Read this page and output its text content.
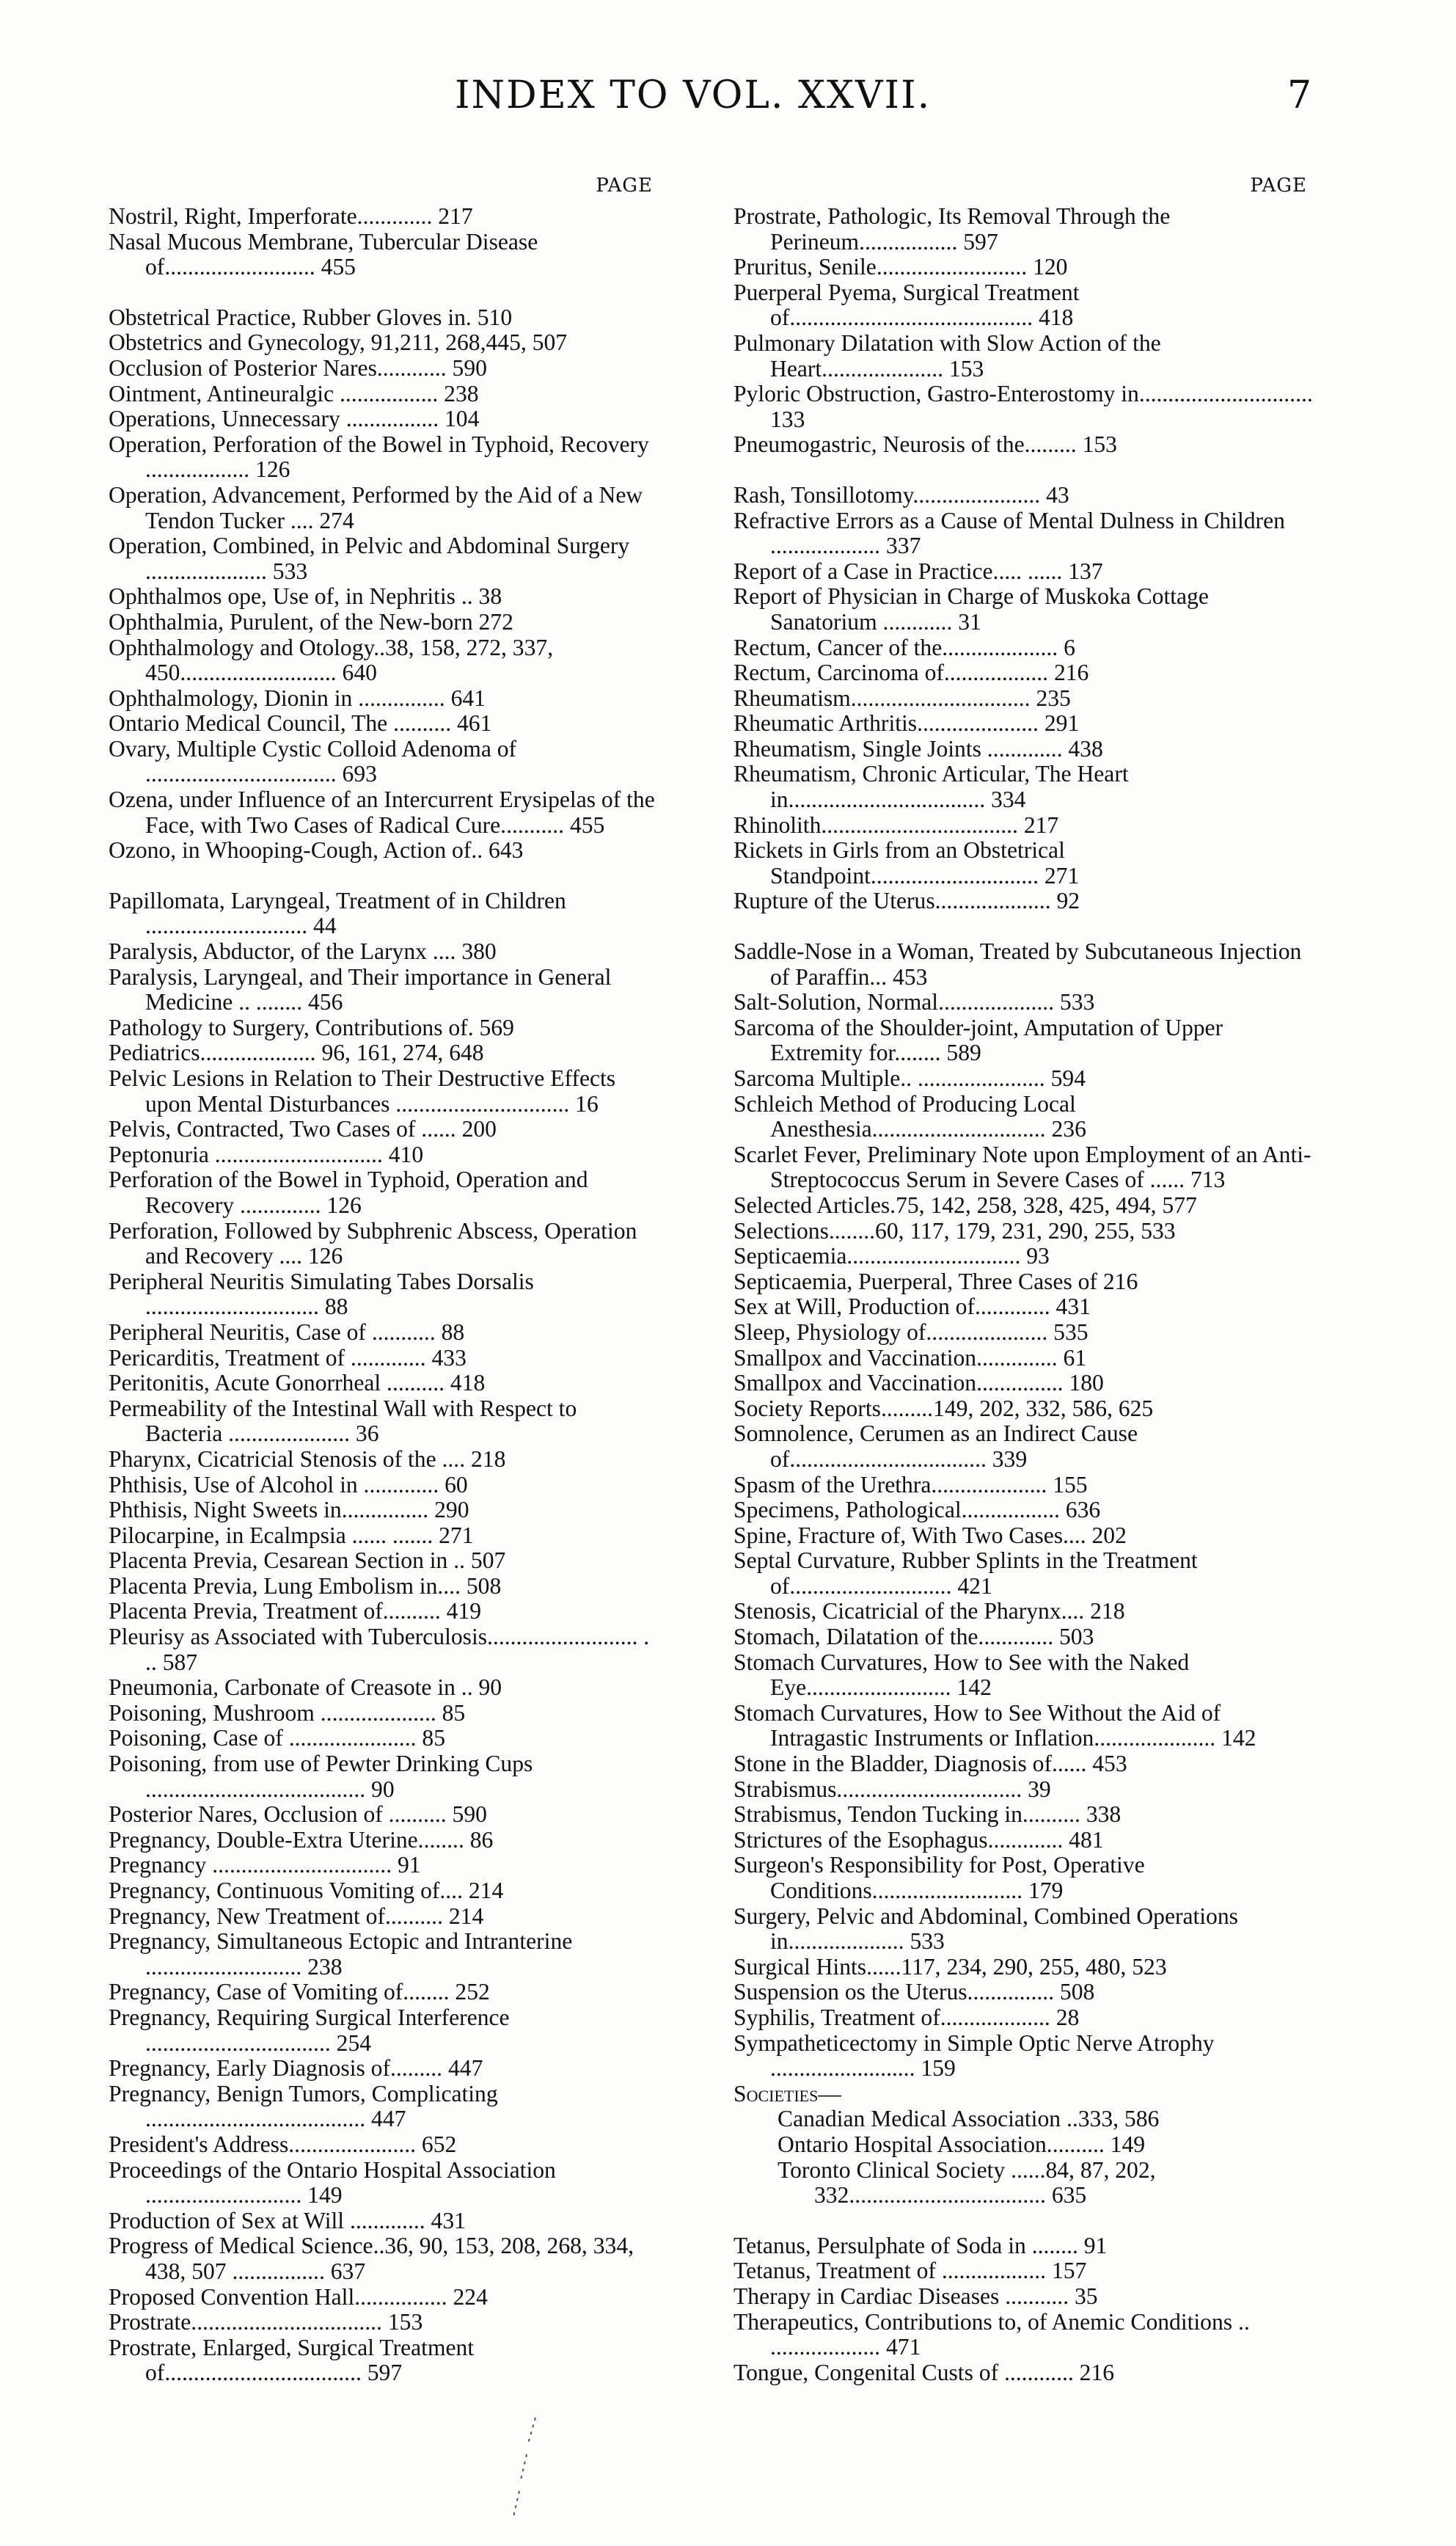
INDEX TO VOL. XXVII.	7
PAGE
Nostril, Right, Imperforate............. 217
Nasal Mucous Membrane, Tubercular Disease of.......................... 455
Obstetrical Practice, Rubber Gloves in. 510
Obstetrics and Gynecology, 91,211, 268,445, 507
Occlusion of Posterior Nares............ 590
Ointment, Antineuralgic ................. 238
Operations, Unnecessary ................ 104
Operation, Perforation of the Bowel in Typhoid, Recovery .................. 126
Operation, Advancement, Performed by the Aid of a New Tendon Tucker .... 274
Operation, Combined, in Pelvic and Abdominal Surgery ..................... 533
Ophthalmos ope, Use of, in Nephritis .. 38
Ophthalmia, Purulent, of the New-born 272
Ophthalmology and Otology..38, 158, 272, 337, 450........................... 640
Ophthalmology, Dionin in ............... 641
Ontario Medical Council, The .......... 461
Ovary, Multiple Cystic Colloid Adenoma of ................................. 693
Ozena, under Influence of an Intercurrent Erysipelas of the Face, with Two Cases of Radical Cure........... 455
Ozono, in Whooping-Cough, Action of.. 643
Papillomata, Laryngeal, Treatment of in Children ............................ 44
Paralysis, Abductor, of the Larynx .... 380
Paralysis, Laryngeal, and Their importance in General Medicine .. ........ 456
Pathology to Surgery, Contributions of. 569
Pediatrics.................... 96, 161, 274, 648
Pelvic Lesions in Relation to Their Destructive Effects upon Mental Disturbances .............................. 16
Pelvis, Contracted, Two Cases of ...... 200
Peptonuria ............................. 410
Perforation of the Bowel in Typhoid, Operation and Recovery .............. 126
Perforation, Followed by Subphrenic Abscess, Operation and Recovery .... 126
Peripheral Neuritis Simulating Tabes Dorsalis .............................. 88
Peripheral Neuritis, Case of ........... 88
Pericarditis, Treatment of ............. 433
Peritonitis, Acute Gonorrheal .......... 418
Permeability of the Intestinal Wall with Respect to Bacteria ..................... 36
Pharynx, Cicatricial Stenosis of the .... 218
Phthisis, Use of Alcohol in ............. 60
Phthisis, Night Sweets in............... 290
Pilocarpine, in Ecalmpsia ...... ....... 271
Placenta Previa, Cesarean Section in .. 507
Placenta Previa, Lung Embolism in.... 508
Placenta Previa, Treatment of.......... 419
Pleurisy as Associated with Tuberculosis.......................... . .. 587
Pneumonia, Carbonate of Creasote in .. 90
Poisoning, Mushroom .................... 85
Poisoning, Case of ...................... 85
Poisoning, from use of Pewter Drinking Cups ...................................... 90
Posterior Nares, Occlusion of .......... 590
Pregnancy, Double-Extra Uterine........ 86
Pregnancy ............................... 91
Pregnancy, Continuous Vomiting of.... 214
Pregnancy, New Treatment of.......... 214
Pregnancy, Simultaneous Ectopic and Intranterine ........................... 238
Pregnancy, Case of Vomiting of........ 252
Pregnancy, Requiring Surgical Interference ................................ 254
Pregnancy, Early Diagnosis of......... 447
Pregnancy, Benign Tumors, Complicating ...................................... 447
President's Address...................... 652
Proceedings of the Ontario Hospital Association ........................... 149
Production of Sex at Will ............. 431
Progress of Medical Science..36, 90, 153, 208, 268, 334, 438, 507 ................ 637
Proposed Convention Hall................ 224
Prostrate................................. 153
Prostrate, Enlarged, Surgical Treatment of.................................. 597
PAGE
Prostrate, Pathologic, Its Removal Through the Perineum................. 597
Pruritus, Senile.......................... 120
Puerperal Pyema, Surgical Treatment of.......................................... 418
Pulmonary Dilatation with Slow Action of the Heart..................... 153
Pyloric Obstruction, Gastro-Enterostomy in.............................. 133
Pneumogastric, Neurosis of the......... 153
Rash, Tonsillotomy...................... 43
Refractive Errors as a Cause of Mental Dulness in Children ................... 337
Report of a Case in Practice..... ...... 137
Report of Physician in Charge of Muskoka Cottage Sanatorium ............ 31
Rectum, Cancer of the.................... 6
Rectum, Carcinoma of.................. 216
Rheumatism............................... 235
Rheumatic Arthritis..................... 291
Rheumatism, Single Joints ............. 438
Rheumatism, Chronic Articular, The Heart in.................................. 334
Rhinolith.................................. 217
Rickets in Girls from an Obstetrical Standpoint............................. 271
Rupture of the Uterus.................... 92
Saddle-Nose in a Woman, Treated by Subcutaneous Injection of Paraffin... 453
Salt-Solution, Normal.................... 533
Sarcoma of the Shoulder-joint, Amputation of Upper Extremity for........ 589
Sarcoma Multiple.. ...................... 594
Schleich Method of Producing Local Anesthesia.............................. 236
Scarlet Fever, Preliminary Note upon Employment of an Anti-Streptococcus Serum in Severe Cases of ...... 713
Selected Articles.75, 142, 258, 328, 425, 494, 577
Selections........60, 117, 179, 231, 290, 255, 533
Septicaemia.............................. 93
Septicaemia, Puerperal, Three Cases of 216
Sex at Will, Production of............. 431
Sleep, Physiology of..................... 535
Smallpox and Vaccination.............. 61
Smallpox and Vaccination............... 180
Society Reports.........149, 202, 332, 586, 625
Somnolence, Cerumen as an Indirect Cause of.................................. 339
Spasm of the Urethra.................... 155
Specimens, Pathological................. 636
Spine, Fracture of, With Two Cases.... 202
Septal Curvature, Rubber Splints in the Treatment of............................ 421
Stenosis, Cicatricial of the Pharynx.... 218
Stomach, Dilatation of the............. 503
Stomach Curvatures, How to See with the Naked Eye......................... 142
Stomach Curvatures, How to See Without the Aid of Intragastic Instruments or Inflation..................... 142
Stone in the Bladder, Diagnosis of...... 453
Strabismus................................ 39
Strabismus, Tendon Tucking in.......... 338
Strictures of the Esophagus............. 481
Surgeon's Responsibility for Post, Operative Conditions.......................... 179
Surgery, Pelvic and Abdominal, Combined Operations in.................... 533
Surgical Hints......117, 234, 290, 255, 480, 523
Suspension os the Uterus............... 508
Syphilis, Treatment of................... 28
Sympatheticectomy in Simple Optic Nerve Atrophy ......................... 159
Societies—
Canadian Medical Association ..333, 586
Ontario Hospital Association.......... 149
Toronto Clinical Society ......84, 87, 202, 332.................................. 635
Tetanus, Persulphate of Soda in ........ 91
Tetanus, Treatment of .................. 157
Therapy in Cardiac Diseases ........... 35
Therapeutics, Contributions to, of Anemic Conditions .. ................... 471
Tongue, Congenital Custs of ............ 216
